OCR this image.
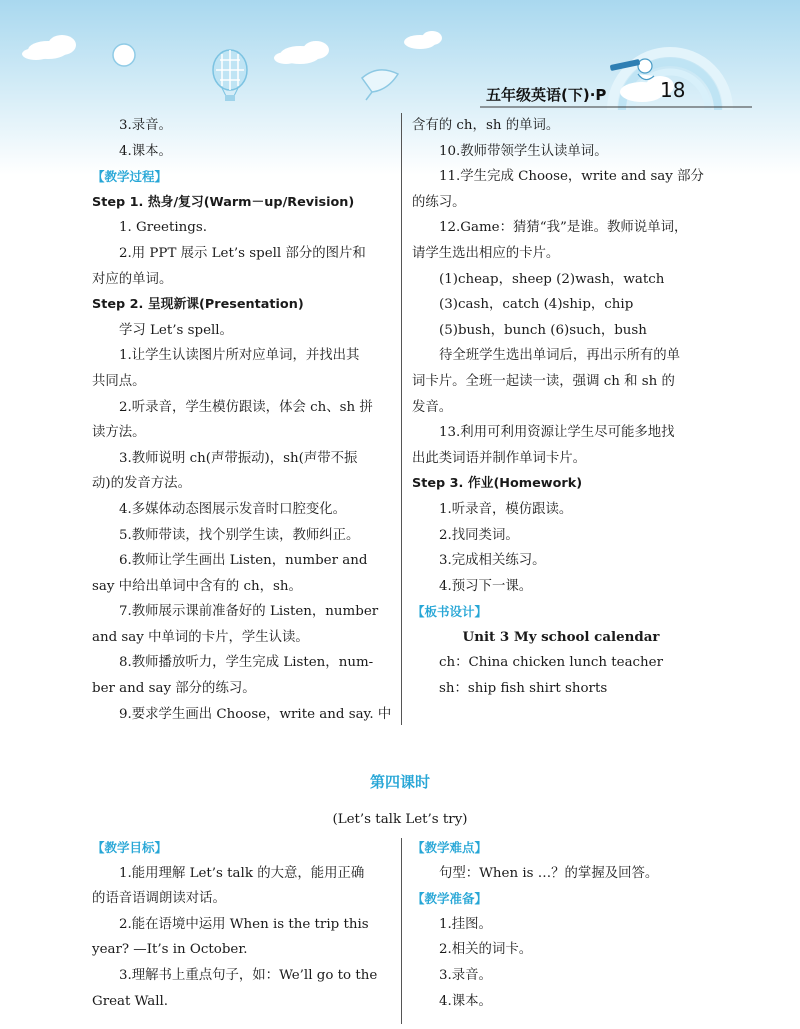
五年级英语(下)·P	18

3.录音。

4.课本。

【教学过程】

Step 1. 热身/复习(Warm－up/Revision)

1. Greetings.

2.用 PPT 展示 Let’s spell 部分的图片和

对应的单词。

Step 2. 呈现新课(Presentation)

学习 Let’s spell。

1.让学生认读图片所对应单词，并找出其

共同点。

2.听录音，学生模仿跟读，体会 ch、sh 拼

读方法。

3.教师说明 ch(声带振动)，sh(声带不振

动)的发音方法。

4.多媒体动态图展示发音时口腔变化。

5.教师带读，找个别学生读，教师纠正。

6.教师让学生画出 Listen，number and

say 中给出单词中含有的 ch，sh。

7.教师展示课前准备好的 Listen，number

and say 中单词的卡片，学生认读。

8.教师播放听力，学生完成 Listen，num-

ber and say 部分的练习。

9.要求学生画出 Choose，write and say. 中

含有的 ch，sh 的单词。

10.教师带领学生认读单词。

11.学生完成 Choose，write and say 部分

的练习。

12.Game：猜猜“我”是谁。教师说单词，

请学生选出相应的卡片。

(1)cheap，sheep (2)wash，watch

(3)cash，catch (4)ship，chip

(5)bush，bunch (6)such，bush

待全班学生选出单词后，再出示所有的单

词卡片。全班一起读一读，强调 ch 和 sh 的

发音。

13.利用可利用资源让学生尽可能多地找

出此类词语并制作单词卡片。

Step 3. 作业(Homework)

1.听录音，模仿跟读。

2.找同类词。

3.完成相关练习。

4.预习下一课。

【板书设计】

Unit 3 My school calendar

ch：China chicken lunch teacher

sh：ship fish shirt shorts

第四课时
(Let’s talk Let’s try)

【教学目标】

1.能用理解 Let’s talk 的大意，能用正确

的语音语调朗读对话。

2.能在语境中运用 When is the trip this

year? —It’s in October.

3.理解书上重点句子，如：We’ll go to the

Great Wall.

【教学难点】

句型：When is …？的掌握及回答。

【教学准备】

1.挂图。

2.相关的词卡。

3.录音。

4.课本。
